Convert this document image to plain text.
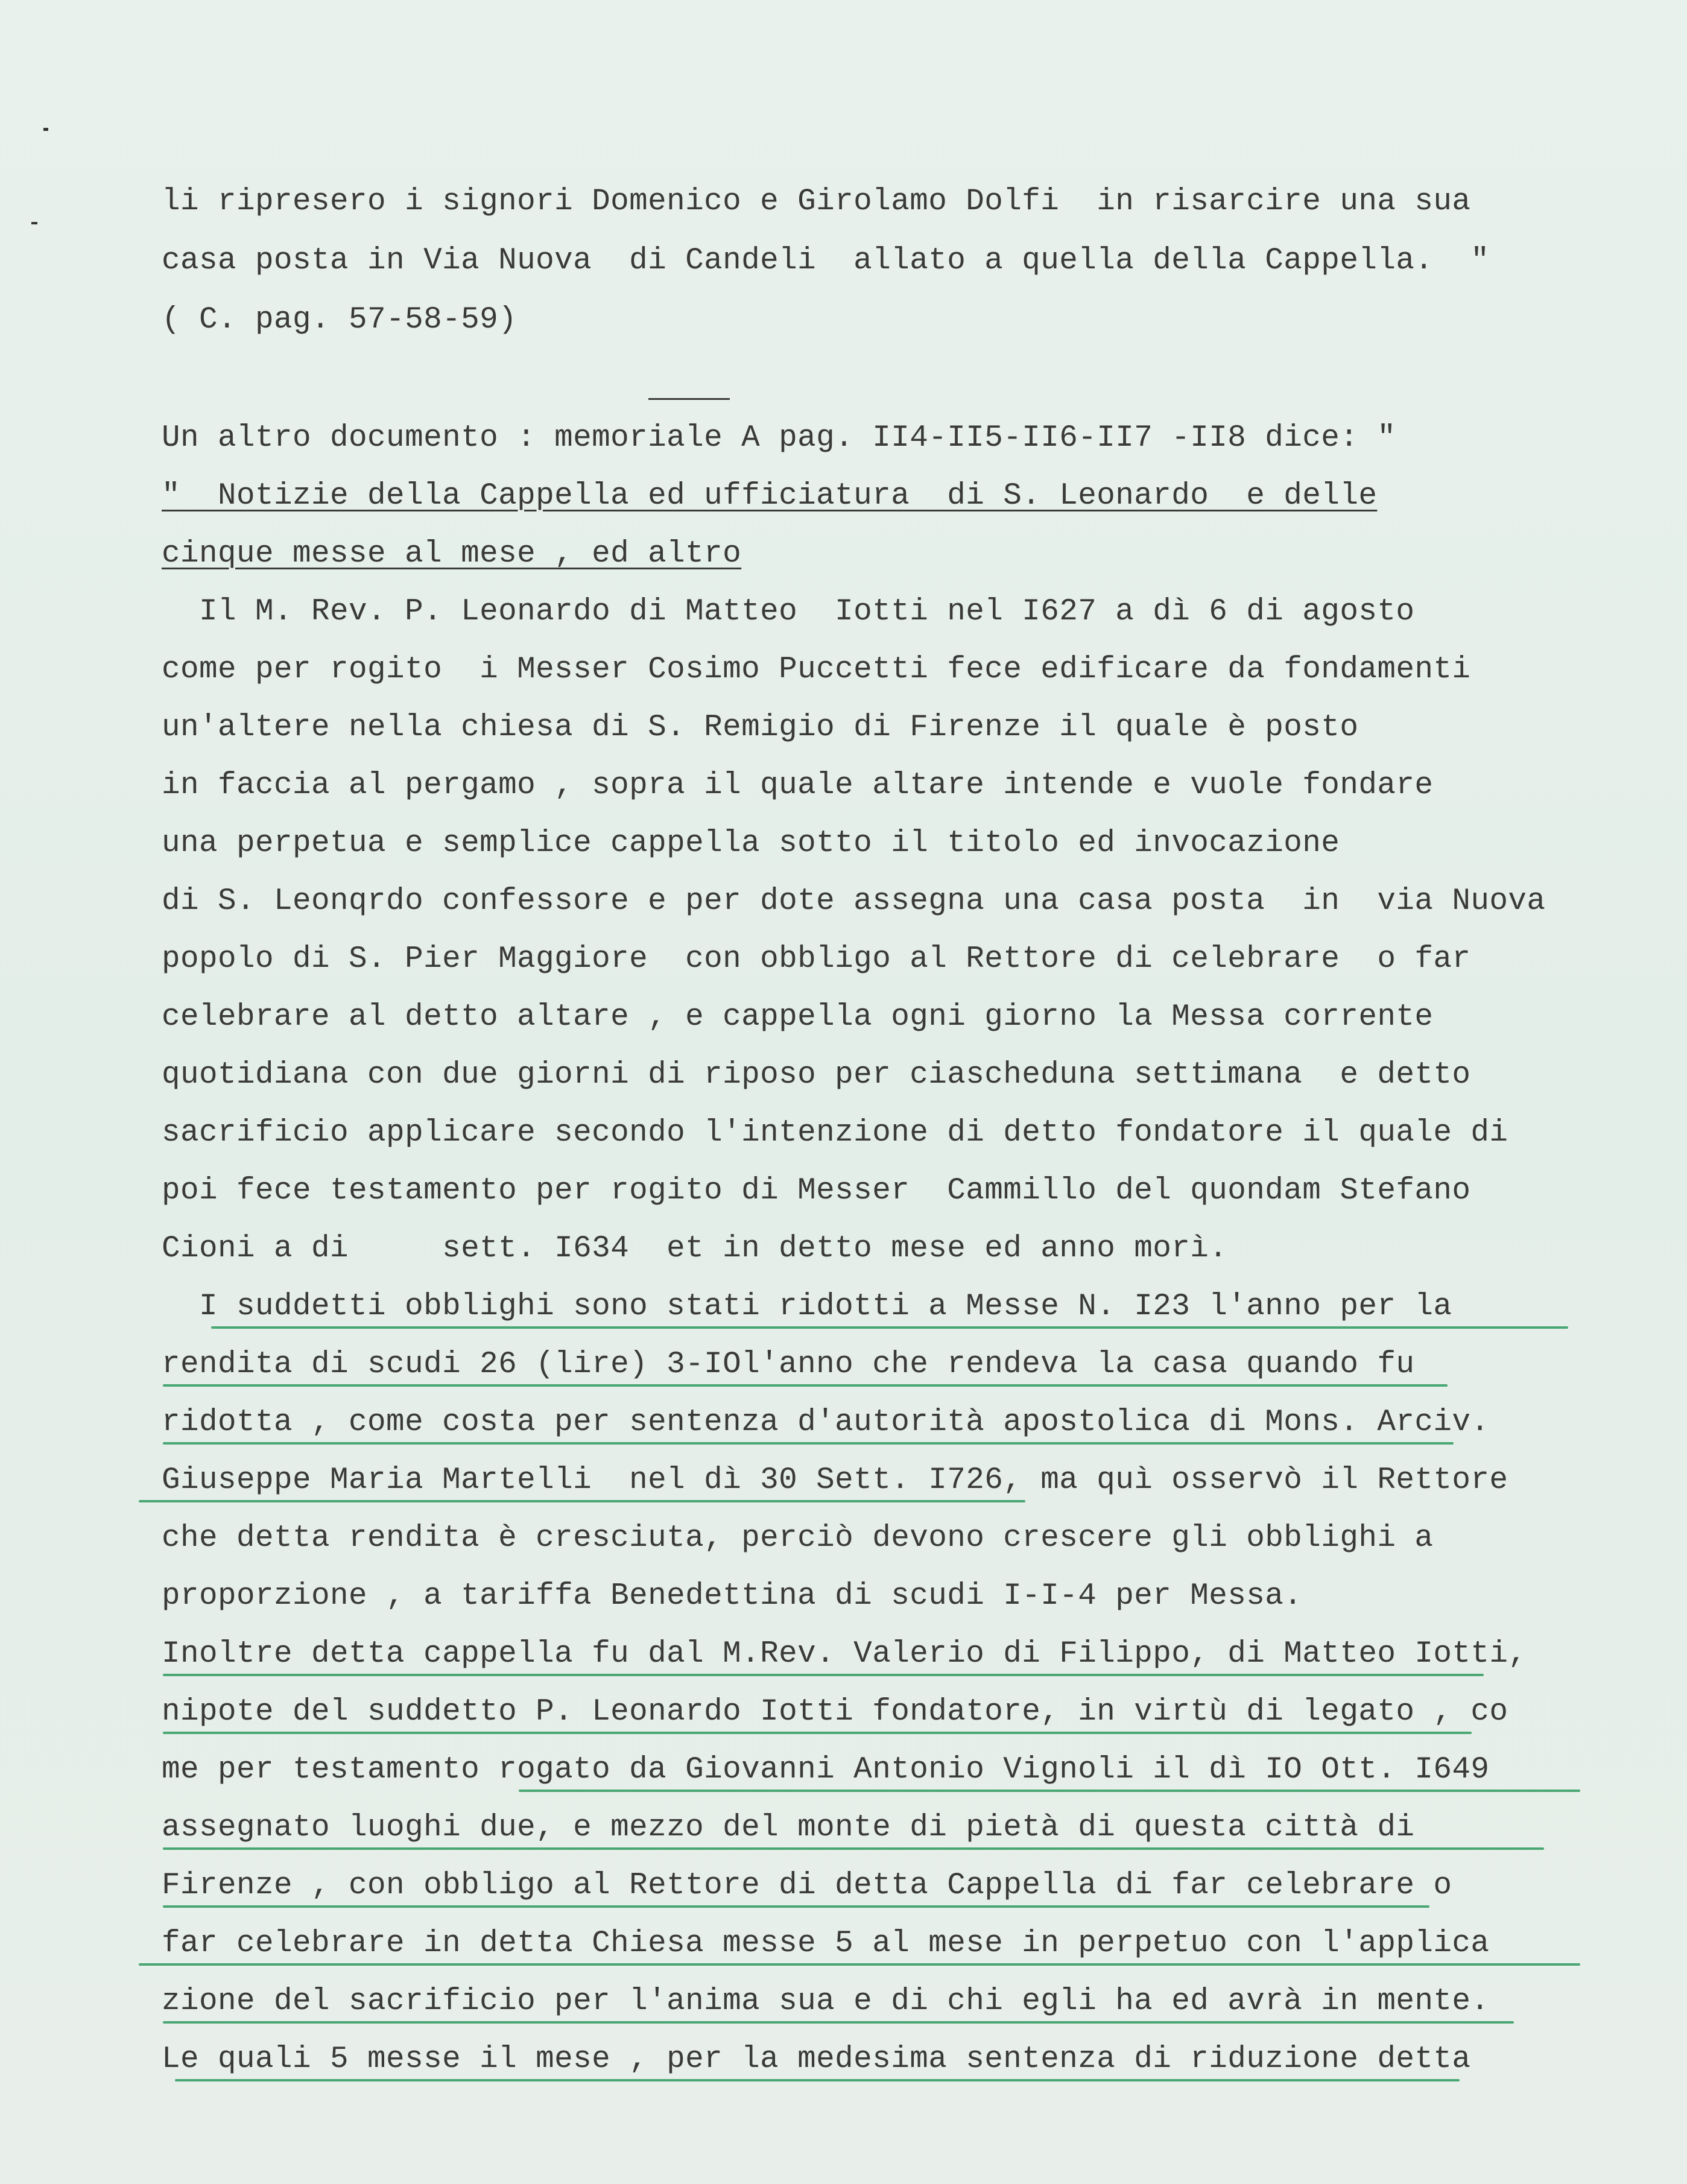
li ripresero i signori Domenico e Girolamo Dolfi  in risarcire una sua

casa posta in Via Nuova  di Candeli  allato a quella della Cappella.  "

( C. pag. 57-58-59)

Un altro documento : memoriale A pag. II4-II5-II6-II7 -II8 dice: "

"  Notizie della Cappella ed ufficiatura  di S. Leonardo  e delle

cinque messe al mese , ed altro

Il M. Rev. P. Leonardo di Matteo  Iotti nel I627 a dì 6 di agosto

come per rogito  i Messer Cosimo Puccetti fece edificare da fondamenti

un'altere nella chiesa di S. Remigio di Firenze il quale è posto

in faccia al pergamo , sopra il quale altare intende e vuole fondare

una perpetua e semplice cappella sotto il titolo ed invocazione

di S. Leonqrdo confessore e per dote assegna una casa posta  in  via Nuova

popolo di S. Pier Maggiore  con obbligo al Rettore di celebrare  o far

celebrare al detto altare , e cappella ogni giorno la Messa corrente

quotidiana con due giorni di riposo per ciascheduna settimana  e detto

sacrificio applicare secondo l'intenzione di detto fondatore il quale di

poi fece testamento per rogito di Messer  Cammillo del quondam Stefano

Cioni a di     sett. I634  et in detto mese ed anno morì.

I suddetti obblighi sono stati ridotti a Messe N. I23 l'anno per la

rendita di scudi 26 (lire) 3-IOl'anno che rendeva la casa quando fu

ridotta , come costa per sentenza d'autorità apostolica di Mons. Arciv.

Giuseppe Maria Martelli  nel dì 30 Sett. I726, ma quì osservò il Rettore

che detta rendita è cresciuta, perciò devono crescere gli obblighi a

proporzione , a tariffa Benedettina di scudi I-I-4 per Messa.

Inoltre detta cappella fu dal M.Rev. Valerio di Filippo, di Matteo Iotti,

nipote del suddetto P. Leonardo Iotti fondatore, in virtù di legato , co

me per testamento rogato da Giovanni Antonio Vignoli il dì IO Ott. I649

assegnato luoghi due, e mezzo del monte di pietà di questa città di

Firenze , con obbligo al Rettore di detta Cappella di far celebrare o

far celebrare in detta Chiesa messe 5 al mese in perpetuo con l'applica

zione del sacrificio per l'anima sua e di chi egli ha ed avrà in mente.

Le quali 5 messe il mese , per la medesima sentenza di riduzione detta
